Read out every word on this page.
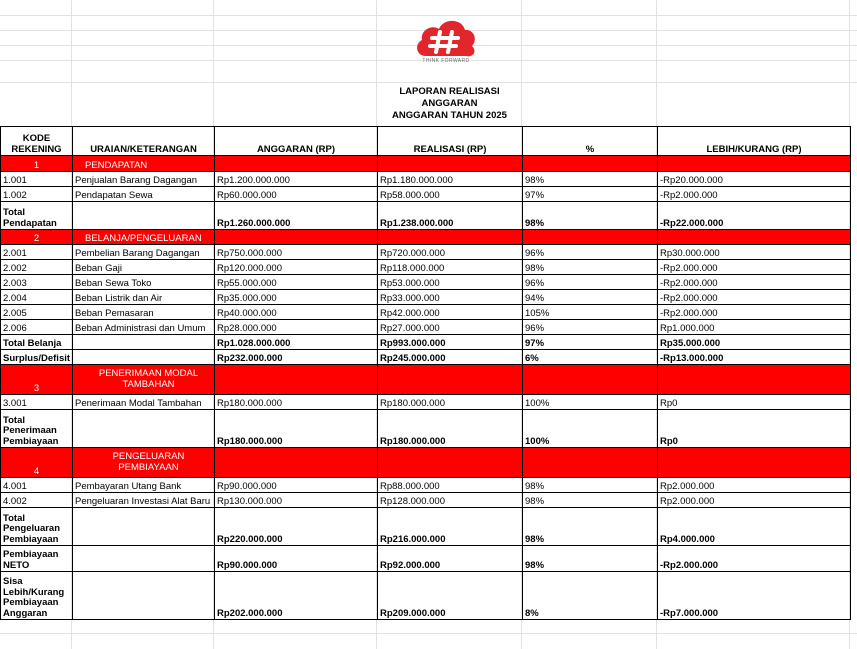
THINK FORWARD
LAPORAN REALISASI
ANGGARAN
ANGGARAN TAHUN 2025
KODE REKENING	URAIAN/KETERANGAN	ANGGARAN (RP)	REALISASI (RP)	%	LEBIH/KURANG (RP)
1	PENDAPATAN				
1.001	Penjualan Barang Dagangan	Rp1.200.000.000	Rp1.180.000.000	98%	-Rp20.000.000
1.002	Pendapatan Sewa	Rp60.000.000	Rp58.000.000	97%	-Rp2.000.000
Total Pendapatan		Rp1.260.000.000	Rp1.238.000.000	98%	-Rp22.000.000
2	BELANJA/PENGELUARAN				
2.001	Pembelian Barang Dagangan	Rp750.000.000	Rp720.000.000	96%	Rp30.000.000
2.002	Beban Gaji	Rp120.000.000	Rp118.000.000	98%	-Rp2.000.000
2.003	Beban Sewa Toko	Rp55.000.000	Rp53.000.000	96%	-Rp2.000.000
2.004	Beban Listrik dan Air	Rp35.000.000	Rp33.000.000	94%	-Rp2.000.000
2.005	Beban Pemasaran	Rp40.000.000	Rp42.000.000	105%	-Rp2.000.000
2.006	Beban Administrasi dan Umum	Rp28.000.000	Rp27.000.000	96%	Rp1.000.000
Total Belanja		Rp1.028.000.000	Rp993.000.000	97%	Rp35.000.000
Surplus/Defisit		Rp232.000.000	Rp245.000.000	6%	-Rp13.000.000
3	PENERIMAAN MODAL TAMBAHAN				
3.001	Penerimaan Modal Tambahan	Rp180.000.000	Rp180.000.000	100%	Rp0
Total Penerimaan Pembiayaan		Rp180.000.000	Rp180.000.000	100%	Rp0
4	PENGELUARAN PEMBIAYAAN				
4.001	Pembayaran Utang Bank	Rp90.000.000	Rp88.000.000	98%	Rp2.000.000
4.002	Pengeluaran Investasi Alat Baru	Rp130.000.000	Rp128.000.000	98%	Rp2.000.000
Total Pengeluaran Pembiayaan		Rp220.000.000	Rp216.000.000	98%	Rp4.000.000
Pembiayaan NETO		Rp90.000.000	Rp92.000.000	98%	-Rp2.000.000
Sisa Lebih/Kurang Pembiayaan Anggaran		Rp202.000.000	Rp209.000.000	8%	-Rp7.000.000
